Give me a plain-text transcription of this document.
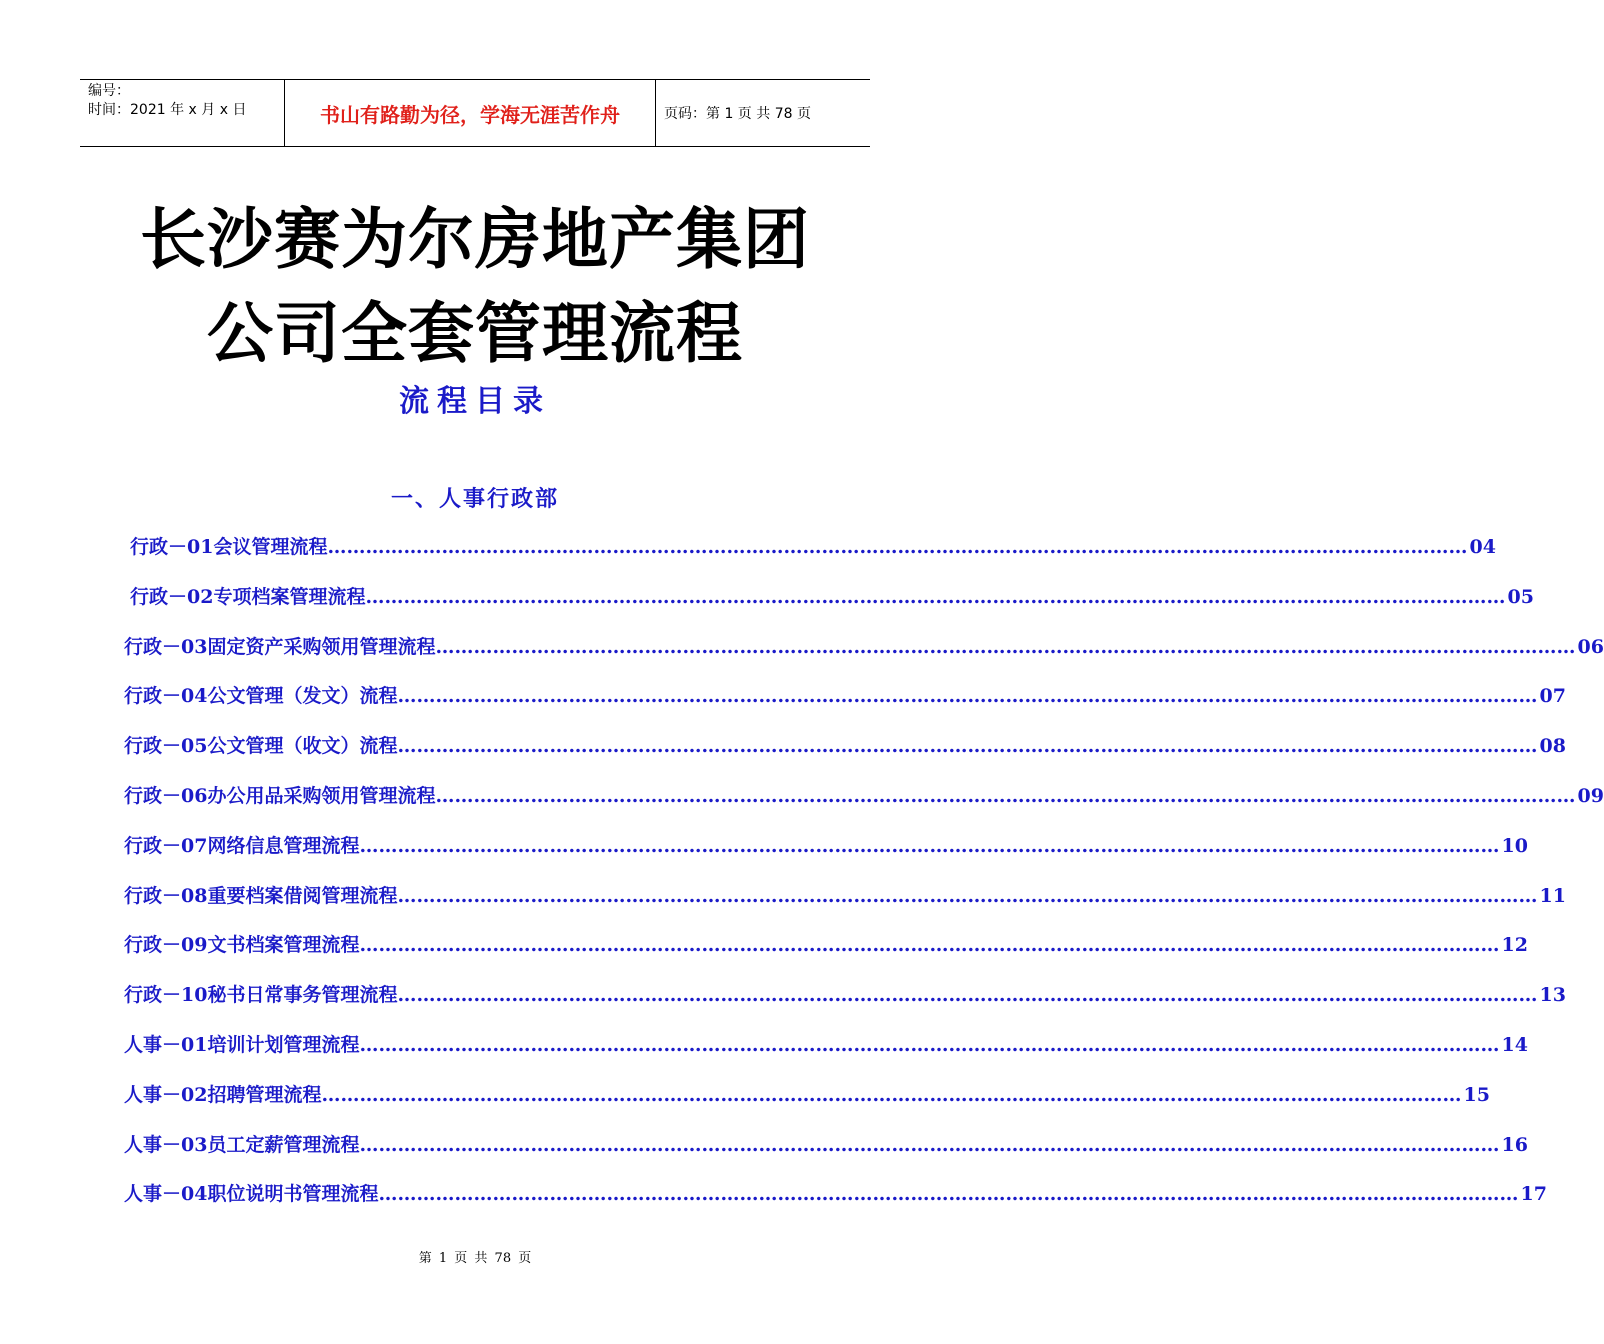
编号：
时间：2021 年 x 月 x 日	书山有路勤为径，学海无涯苦作舟	页码：第 1 页 共 78 页
长沙赛为尔房地产集团
公司全套管理流程
流程目录
一、人事行政部
行政－01 会议管理流程 ……………………………………………………………………………………………………………………………………………………………… 04
行政－02 专项档案管理流程 ……………………………………………………………………………………………………………………………………………………………… 05
行政－03 固定资产采购领用管理流程 ……………………………………………………………………………………………………………………………………………………………… 06
行政－04 公文管理（发文）流程 ……………………………………………………………………………………………………………………………………………………………… 07
行政－05 公文管理（收文）流程 ……………………………………………………………………………………………………………………………………………………………… 08
行政－06 办公用品采购领用管理流程 ……………………………………………………………………………………………………………………………………………………………… 09
行政－07 网络信息管理流程 ……………………………………………………………………………………………………………………………………………………………… 10
行政－08 重要档案借阅管理流程 ……………………………………………………………………………………………………………………………………………………………… 11
行政－09 文书档案管理流程 ……………………………………………………………………………………………………………………………………………………………… 12
行政－10 秘书日常事务管理流程 ……………………………………………………………………………………………………………………………………………………………… 13
人事－01 培训计划管理流程 ……………………………………………………………………………………………………………………………………………………………… 14
人事－02 招聘管理流程 ……………………………………………………………………………………………………………………………………………………………… 15
人事－03 员工定薪管理流程 ……………………………………………………………………………………………………………………………………………………………… 16
人事－04 职位说明书管理流程 ……………………………………………………………………………………………………………………………………………………………… 17
第 1 页 共 78 页
